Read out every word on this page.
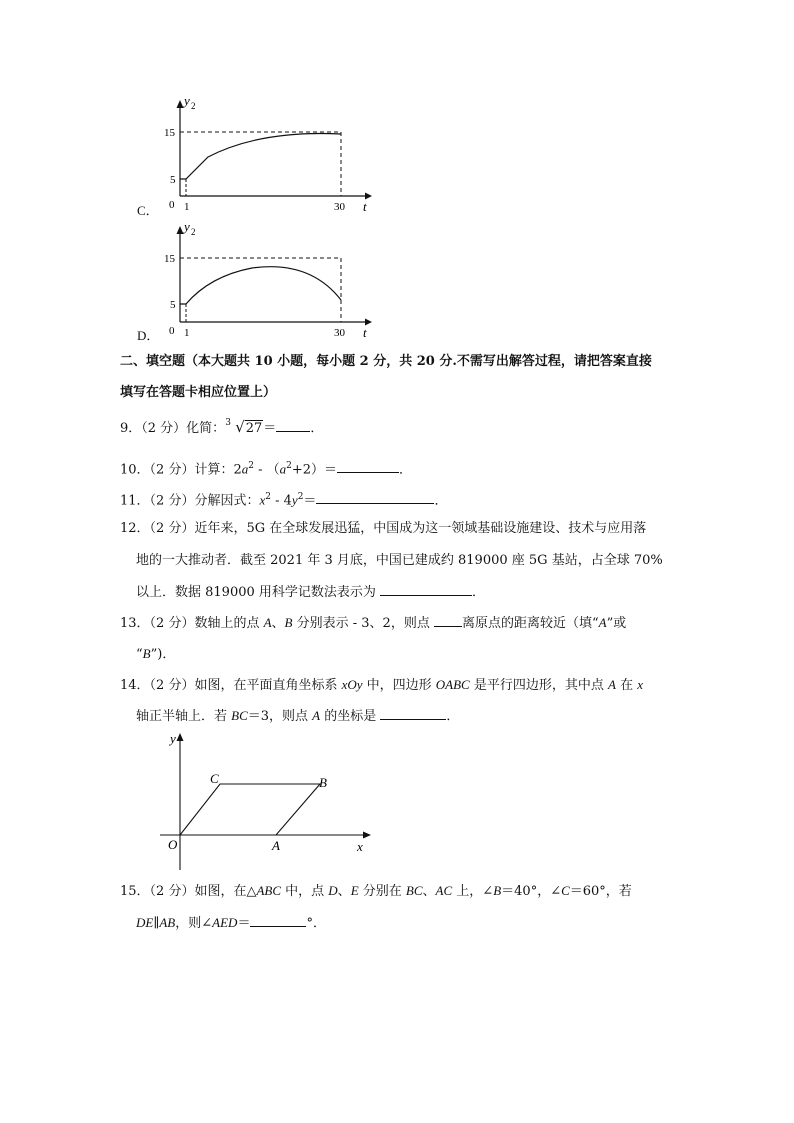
C．
y 2
t
15
5
0 1	30
D．
y 2
t
15
5
0 1	30
二、填空题（本大题共 10 小题，每小题 2 分，共 20 分.不需写出解答过程，请把答案直接
填写在答题卡相应位置上）
9．（2 分）化简： 3 √27＝	．
10．（2 分）计算：$2a^2 - (a^2+2)=$	．
11．（2 分）分解因式：$x^2 - 4y^2=$	．
12．（2 分）近年来，5G 在全球发展迅猛，中国成为这一领域基础设施建设、技术与应用落
地的一大推动者．截至 2021 年 3 月底，中国已建成约 819000 座 5G 基站，占全球 70%
以上．数据 819000 用科学记数法表示为	．
13．（2 分）数轴上的点 A、B 分别表示 - 3、2，则点 离原点的距离较近（填“A”或
“B”)．
14．（2 分）如图，在平面直角坐标系 xOy 中，四边形 OABC 是平行四边形，其中点 A 在 x
轴正半轴上．若 BC＝3，则点 A 的坐标是	．
y
x
O	A
B
C
15．（2 分）如图，在△ABC 中，点 D、E 分别在 BC、AC 上，∠B＝40°，∠C＝60°，若
DE∥AB，则∠AED＝	°．
